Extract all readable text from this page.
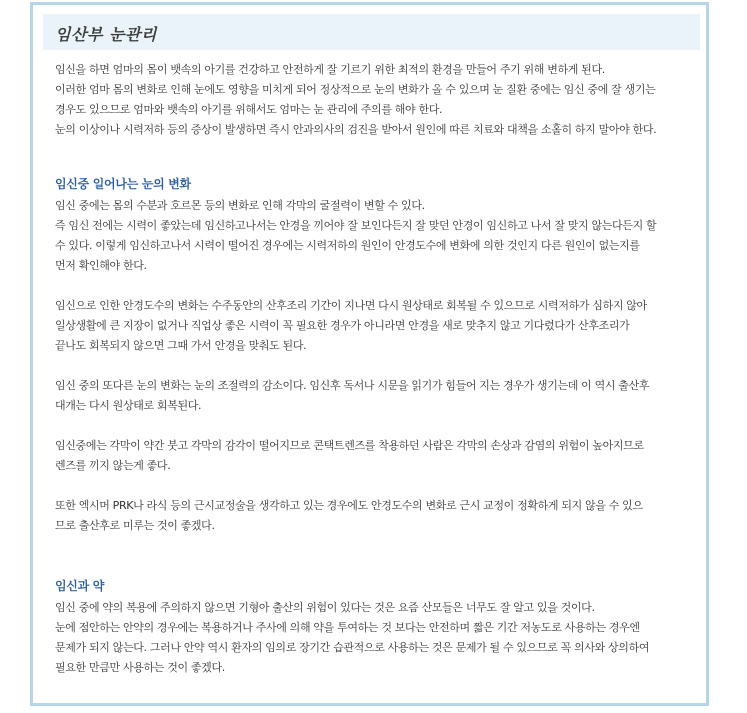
임산부 눈관리

임신을 하면 엄마의 몸이 뱃속의 아기를 건강하고 안전하게 잘 기르기 위한 최적의 환경을 만들어 주기 위해 변하게 된다.
이러한 엄마 몸의 변화로 인해 눈에도 영향을 미치게 되어 정상적으로 눈의 변화가 올 수 있으며 눈 질환 중에는 임신 중에 잘 생기는
경우도 있으므로 엄마와 뱃속의 아기를 위해서도 엄마는 눈 관리에 주의를 해야 한다.
눈의 이상이나 시력저하 등의 증상이 발생하면 즉시 안과의사의 검진을 받아서 원인에 따른 치료와 대책을 소홀히 하지 말아야 한다.

임신중 일어나는 눈의 변화

임신 중에는 몸의 수분과 호르몬 등의 변화로 인해 각막의 굴절력이 변할 수 있다.
즉 임신 전에는 시력이 좋았는데 임신하고나서는 안경을 끼어야 잘 보인다든지 잘 맞던 안경이 임신하고 나서 잘 맞지 않는다든지 할
수 있다. 이렇게 임신하고나서 시력이 떨어진 경우에는 시력저하의 원인이 안경도수에 변화에 의한 것인지 다른 원인이 없는지를
먼저 확인해야 한다.

임신으로 인한 안경도수의 변화는 수주동안의 산후조리 기간이 지나면 다시 원상태로 회복될 수 있으므로 시력저하가 심하지 않아
일상생활에 큰 지장이 없거나 직업상 좋은 시력이 꼭 필요한 경우가 아니라면 안경을 새로 맞추지 않고 기다렸다가 산후조리가
끝나도 회복되지 않으면 그때 가서 안경을 맞춰도 된다.

임신 중의 또다른 눈의 변화는 눈의 조절력의 감소이다. 임신후 독서나 시문을 읽기가 힘들어 지는 경우가 생기는데 이 역시 출산후
대개는 다시 원상태로 회복된다.

임신중에는 각막이 약간 붓고 각막의 감각이 떨어지므로 콘택트렌즈를 착용하던 사람은 각막의 손상과 감염의 위험이 높아지므로
렌즈를 끼지 않는게 좋다.

또한 엑시머 PRK나 라식 등의 근시교정술을 생각하고 있는 경우에도 안경도수의 변화로 근시 교정이 정확하게 되지 않을 수 있으
므로 출산후로 미루는 것이 좋겠다.

임신과 약

임신 중에 약의 복용에 주의하지 않으면 기형아 출산의 위험이 있다는 것은 요즘 산모들은 너무도 잘 알고 있을 것이다.
눈에 점안하는 안약의 경우에는 복용하거나 주사에 의해 약을 투여하는 것 보다는 안전하며 짧은 기간 저농도로 사용하는 경우엔
문제가 되지 않는다. 그러나 안약 역시 환자의 임의로 장기간 습관적으로 사용하는 것은 문제가 될 수 있으므로 꼭 의사와 상의하여
필요한 만큼만 사용하는 것이 좋겠다.
